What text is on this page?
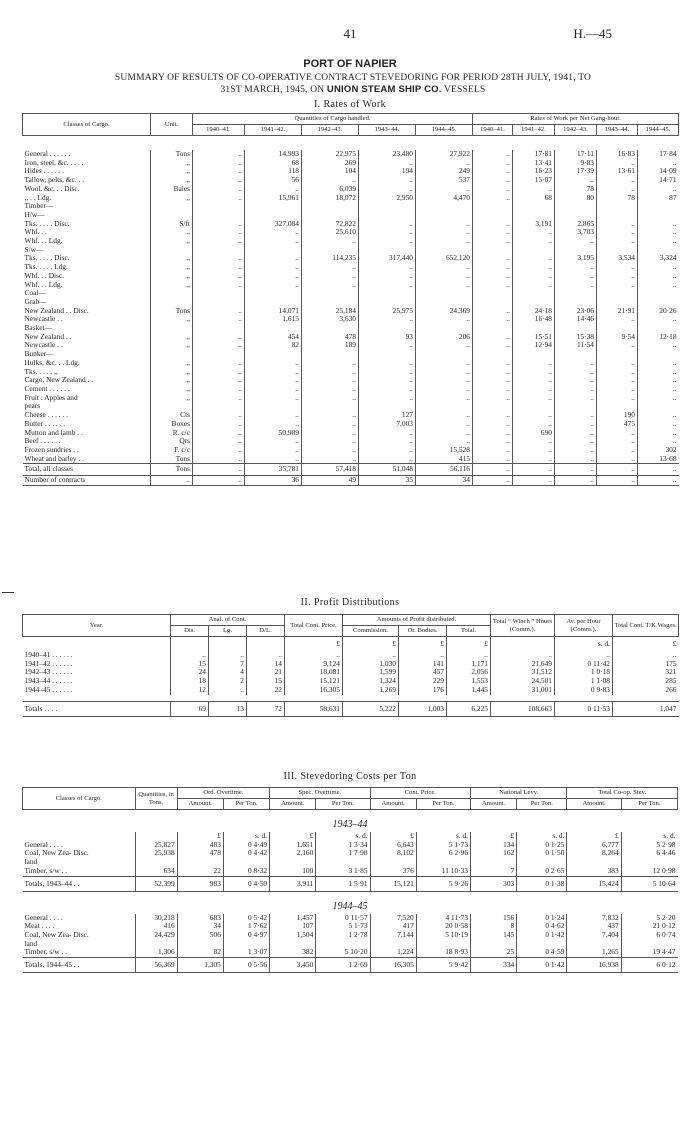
41	H.—45
PORT OF NAPIER
SUMMARY OF RESULTS OF CO-OPERATIVE CONTRACT STEVEDORING FOR PERIOD 28TH JULY, 1941, TO
31ST MARCH, 1945, ON UNION STEAM SHIP CO. VESSELS
I. Rates of Work
Classes of Cargo.	Unit.	Quantities of Cargo handled.					Rates of Work per Net Gang-hour.				
		1940–41.	1941–42.	1942–43.	1943–44.	1944–45.	1940–41.	1941–42.	1942–43.	1943–44.	1944–45.

General . . . . . .	Tons	..	14,993	22,975	23,480	27,922	..	17·81	17·11	16·83	17·84
Iron, steel, &c. . . . .	,,	..	68	269	..	..	..	13·41	9·83	..	..
Hides . . . . . .	,,	..	118	104	194	249	..	16·23	17·39	13·61	14·09
Tallow, pelts, &c. . .	,,	..	56	..	..	537	..	15·07	..	..	14·71
Wool, &c. . . Disc.	Bales	..	..	6,039	..	..	..	..	78	..	..
,, . . Ldg.	,,	..	15,961	18,072	2,950	4,470	..	68	80	78	87
Timber—											
H/w—											
Tks. . . . . Disc.	S/ft	..	327,084	72,822	..	..	..	3,191	2,865	..	..
Whf. . .	,,	..	..	25,610	..	..	..	..	3,703	..	..
Whf. . . Ldg.	,,	..	..	..	..	..	..	..	..	..	..
S/w—											
Tks. . . . . Disc.	,,	..	..	114,235	317,440	652,120	..	..	3,195	3,534	3,324
Tks. . . . . Ldg.	,,	..	..	..	..	..	..	..	..	..	..
Whf. . . Disc.	,,	..	..	..	..	..	..	..	..	..	..
Whf. . . Ldg.	,,	..	..	..	..	..	..	..	..	..	..
Coal—											
Grab—											
New Zealand . . Disc.	Tons	..	14,071	25,184	25,975	24,369	..	24·18	23·06	21·91	20·26
Newcastle . .	,,	..	1,615	3,630	..	..	..	16·48	14·46	..	..
Basket—											
New Zealand . .	,,	..	454	478	93	206	..	15·51	15·38	9·54	12·18
Newcastle . .	,,	..	82	189	..	..	..	12·94	11·54	..	..
Bunker—											
Hulks, &c. . . Ldg.	,,	..	..	..	..	..	..	..	..	..	..
Tks. . . . . ,,	,,	..	..	..	..	..	..	..	..	..	..
Cargo, New Zealand . .	,,	..	..	..	..	..	..	..	..	..	..
Cement . . . . . .	,,	..	..	..	..	..	..	..	..	..	..
Fruit : Apples and	,,	..	..	..	..	..	..	..	..	..	..
pears											
Cheese . . . . . .	Cts	..	..	..	127	..	..	..	..	190	..
Butter . . . . . .	Boxes	..	..	..	7,003	..	..	..	..	475	..
Mutton and lamb . .	R. c/c	..	50,989	..	..	..	..	690	..	..	..
Beef . . . . . .	Qrs	..	..	..	..	..	..	..	..	..	..
Frozen sundries . .	F. c/c	..	..	..	..	15,528	..	..	..	..	302
Wheat and barley . .	Tons	..	..	..	..	415	..	..	..	..	13·68
Total, all classes	Tons	..	35,781	57,418	51,048	56,116	..	..	..	..	..
Number of contracts	..	..	36	49	35	34	..	..	..	..	..
II. Profit Distributions
Year.	Anal. of Cont.			Total Cont. Price.	Amounts of Profit distributed.			Total “ Winch ” Hours (Comm.).	Av. per Hour (Comm.).	Total Cont. T/K Wages.
	Dis.	Lg.	D/L.		Commission.	Or. Bodies.	Total.			
				£	£	£	£		s. d.	£
1940–41 . . . . . .	..	..	..	..	..	..	..	..	..	..
1941–42 . . . . . .	15	7	14	9,124	1,030	141	1,171	21,649	0 11·42	175
1942–43 . . . . . .	24	4	21	18,081	1,599	457	2,056	31,512	1 0·18	321
1943–44 . . . . . .	18	2	15	15,121	1,324	229	1,553	24,501	1 1·08	285
1944–45 . . . . . .	12	..	22	16,305	1,269	176	1,445	31,001	0 9·83	266

Totals . . . .	69	13	72	58,631	5,222	1,003	6,225	108,663	0 11·53	1,047
III. Stevedoring Costs per Ton
Classes of Cargo.	Quantities, in Tons.	Ord. Overtime.		Spec. Overtime.		Cont. Price.		National Levy.		Total Co-op. Stev.	
		Amount.	Per Ton.	Amount.	Per Ton.	Amount.	Per Ton.	Amount.	Per Ton.	Amount.	Per Ton.
1943–44											
		£	s. d.	£	s. d.	£	s. d.	£	s. d.	£	s. d.
General . . . .	25,827	483	0 4·49	1,651	1 3·34	6,643	5 1·73	134	0 1·25	6,777	5 2·98
Coal, New Zea- Disc.	25,938	478	0 4·42	2,160	1 7·98	8,102	6 2·96	162	0 1·50	8,264	6 4·46
land											
Timber, s/w . .	634	22	0 8·32	100	3 1·85	376	11 10·33	7	0 2·65	383	12 0·98
Totals, 1943–44 . .	52,399	983	0 4·50	3,911	1 5·91	15,121	5 9·26	303	0 1·38	15,424	5 10·64
1944–45											
General . . . .	30,218	683	0 5·42	1,457	0 11·57	7,520	4 11·73	156	0 1·24	7,832	5 2·20
Meat . . . .	416	34	1 7·62	107	5 1·73	417	20 0·58	8	0 4·62	437	21 0·12
Coal, New Zea- Disc.	24,429	506	0 4·97	1,504	1 2·78	7,144	5 10·19	145	0 1·42	7,404	6 0·74
land											
Timber, s/w . .	1,306	82	1 3·07	382	5 10·20	1,224	18 8·93	25	0 4·59	1,265	19 4·47
Totals, 1944–45 . .	56,369	1,305	0 5·56	3,450	1 2·69	16,305	5 9·42	334	0 1·42	16,938	6 0·12
